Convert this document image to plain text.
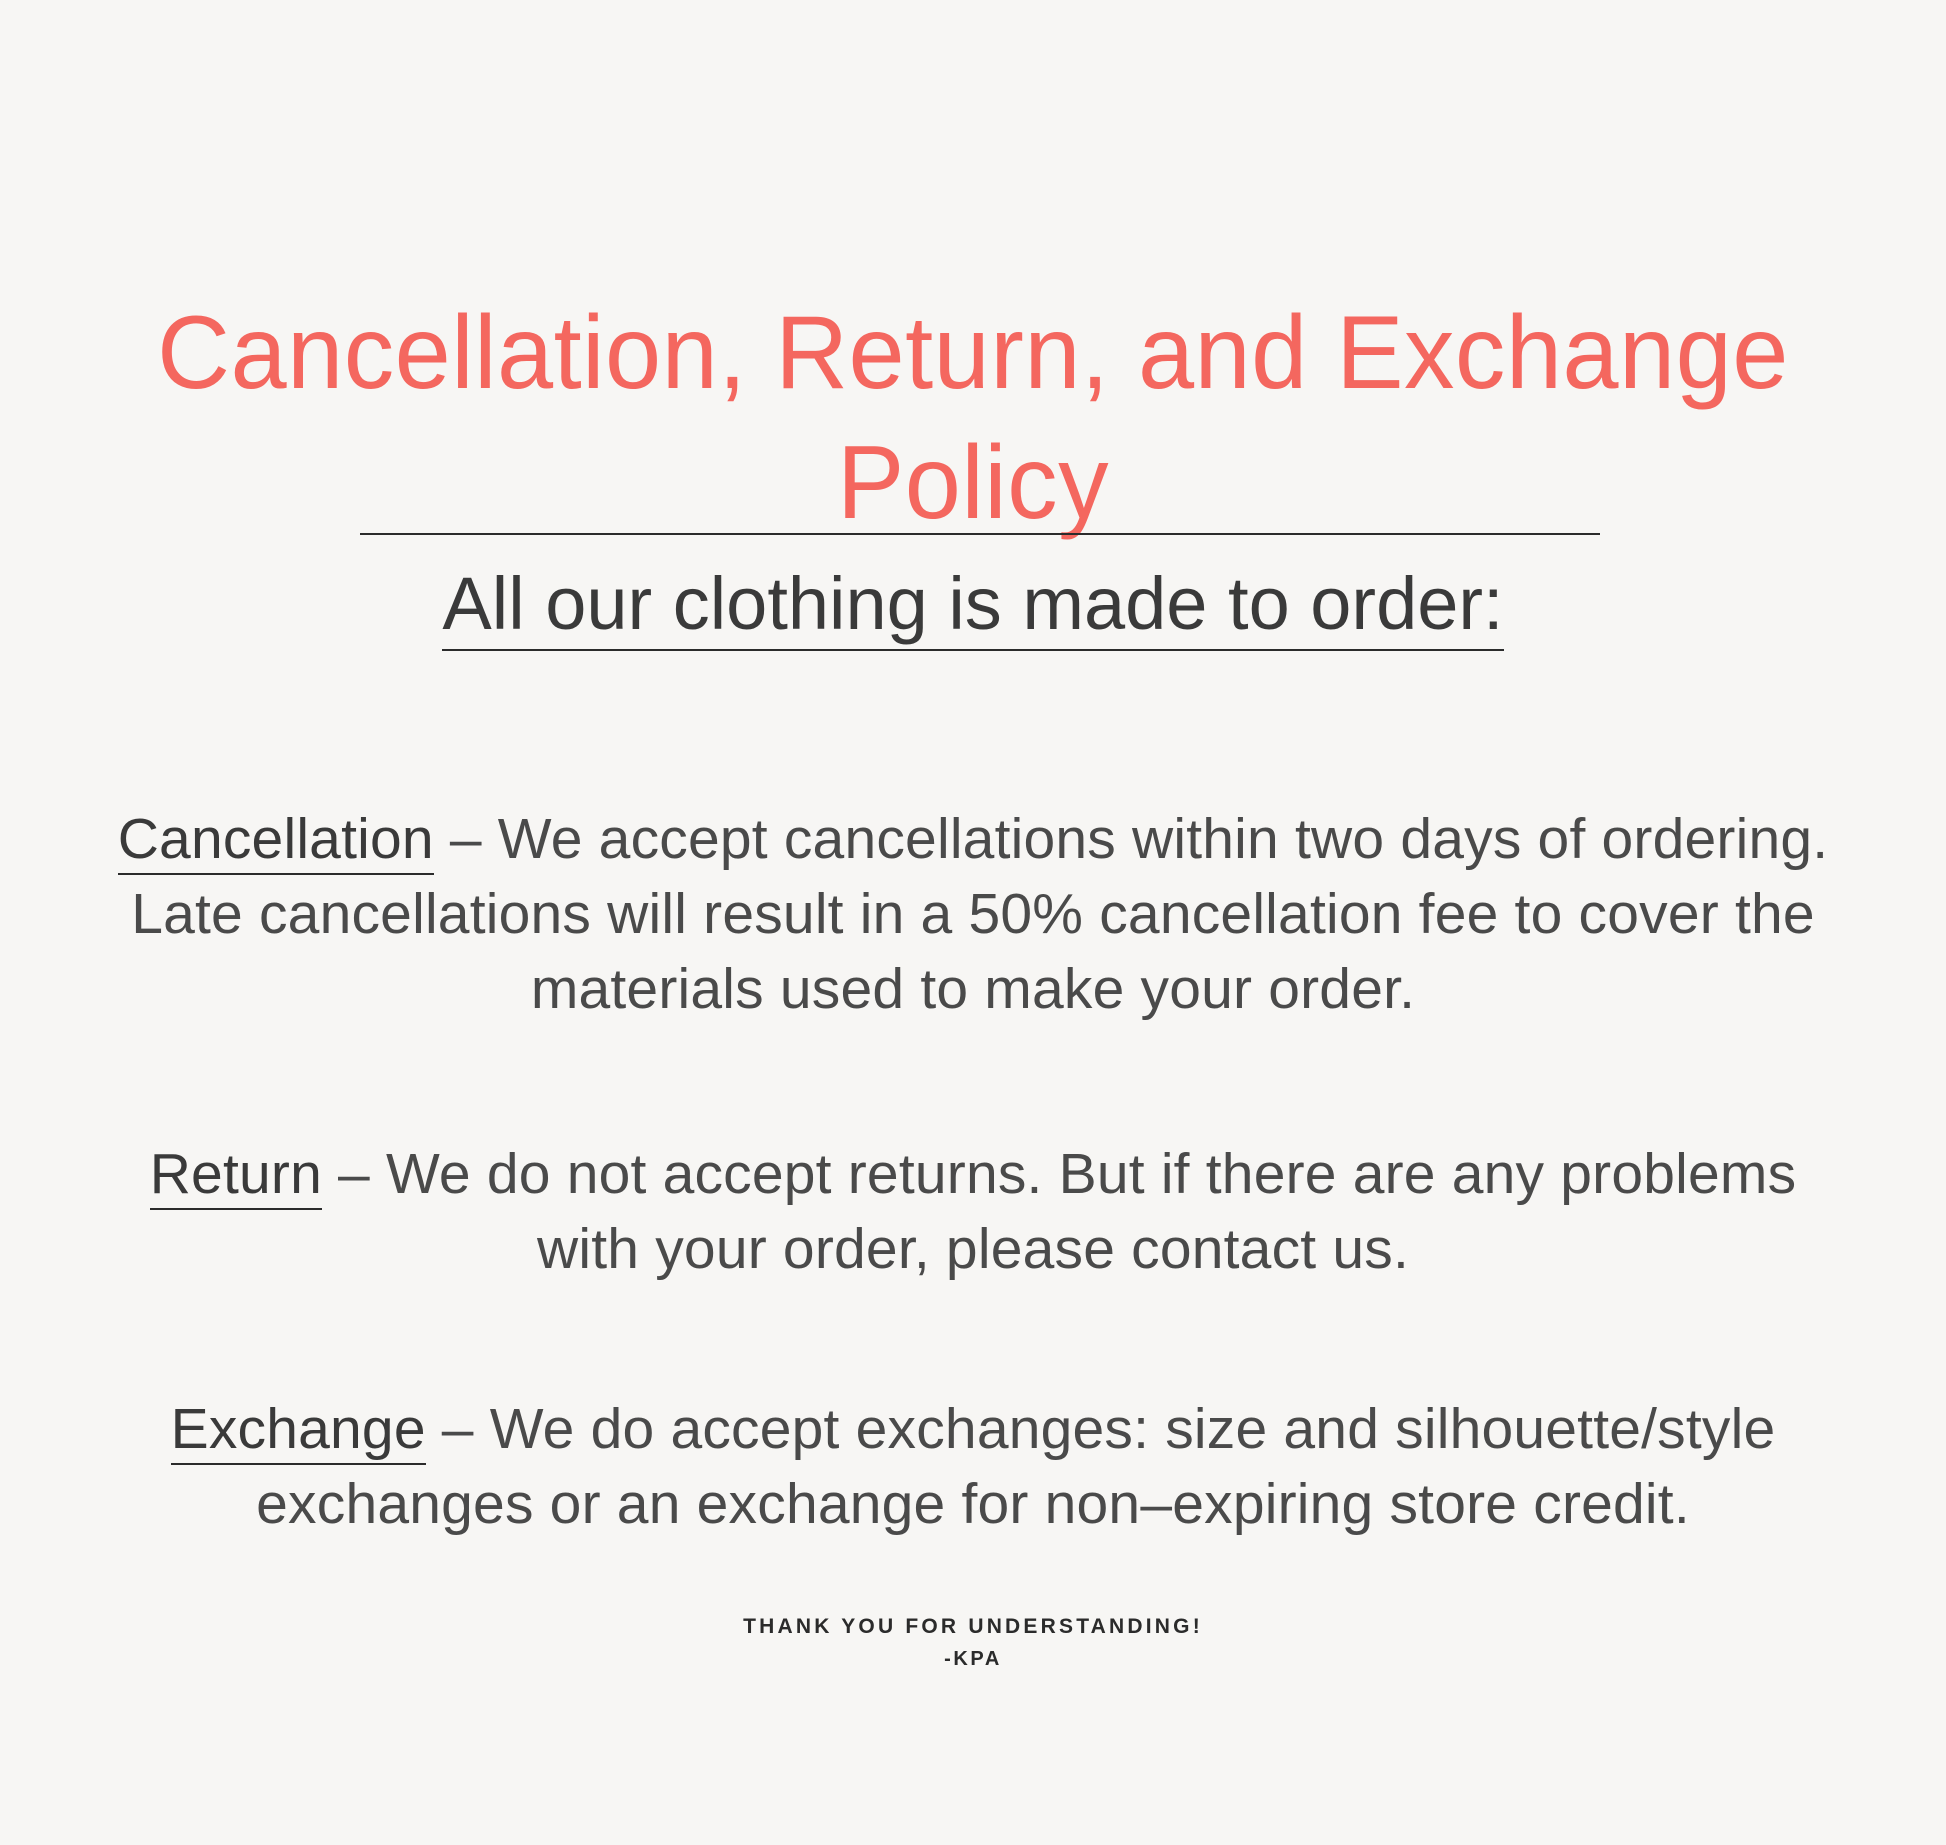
Cancellation, Return, and Exchange Policy
All our clothing is made to order:

Cancellation – We accept cancellations within two days of ordering. Late cancellations will result in a 50% cancellation fee to cover the materials used to make your order.

Return – We do not accept returns. But if there are any problems with your order, please contact us.

Exchange – We do accept exchanges: size and silhouette/style exchanges or an exchange for non–expiring store credit.

THANK YOU FOR UNDERSTANDING!
-KPA
